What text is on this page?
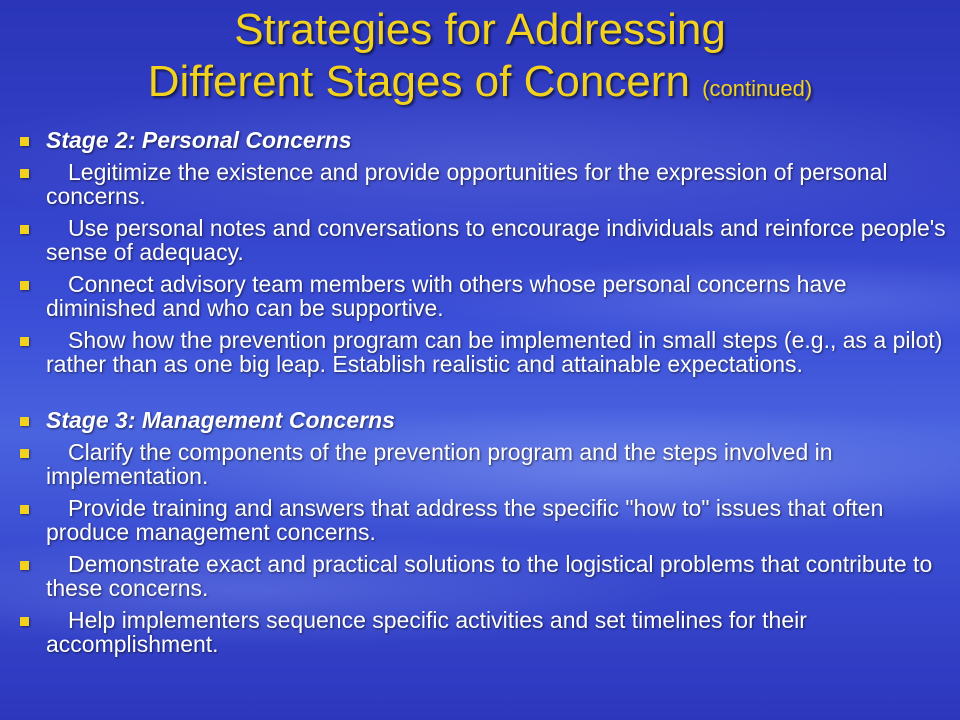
Strategies for Addressing
Different Stages of Concern (continued)
Stage 2: Personal Concerns
Legitimize the existence and provide opportunities for the expression of personal concerns.
Use personal notes and conversations to encourage individuals and reinforce people's sense of adequacy.
Connect advisory team members with others whose personal concerns have diminished and who can be supportive.
Show how the prevention program can be implemented in small steps (e.g., as a pilot) rather than as one big leap. Establish realistic and attainable expectations.
Stage 3: Management Concerns
Clarify the components of the prevention program and the steps involved in implementation.
Provide training and answers that address the specific "how to" issues that often produce management concerns.
Demonstrate exact and practical solutions to the logistical problems that contribute to these concerns.
Help implementers sequence specific activities and set timelines for their accomplishment.
